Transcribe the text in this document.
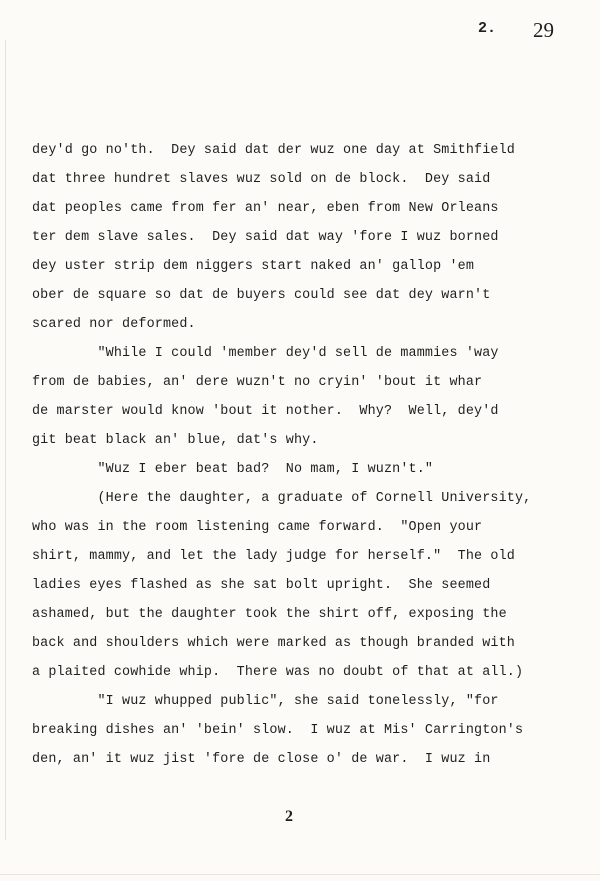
2. 29
dey'd go no'th.  Dey said dat der wuz one day at Smithfield
dat three hundret slaves wuz sold on de block.  Dey said
dat peoples came from fer an' near, eben from New Orleans
ter dem slave sales.  Dey said dat way 'fore I wuz borned
dey uster strip dem niggers start naked an' gallop 'em
ober de square so dat de buyers could see dat dey warn't
scared nor deformed.
"While I could 'member dey'd sell de mammies 'way
from de babies, an' dere wuzn't no cryin' 'bout it whar
de marster would know 'bout it nother.  Why?  Well, dey'd
git beat black an' blue, dat's why.
"Wuz I eber beat bad?  No mam, I wuzn't."
(Here the daughter, a graduate of Cornell University,
who was in the room listening came forward.  "Open your
shirt, mammy, and let the lady judge for herself."  The old
ladies eyes flashed as she sat bolt upright.  She seemed
ashamed, but the daughter took the shirt off, exposing the
back and shoulders which were marked as though branded with
a plaited cowhide whip.  There was no doubt of that at all.)
"I wuz whupped public", she said tonelessly, "for
breaking dishes an' 'bein' slow.  I wuz at Mis' Carrington's
den, an' it wuz jist 'fore de close o' de war.  I wuz in
2
